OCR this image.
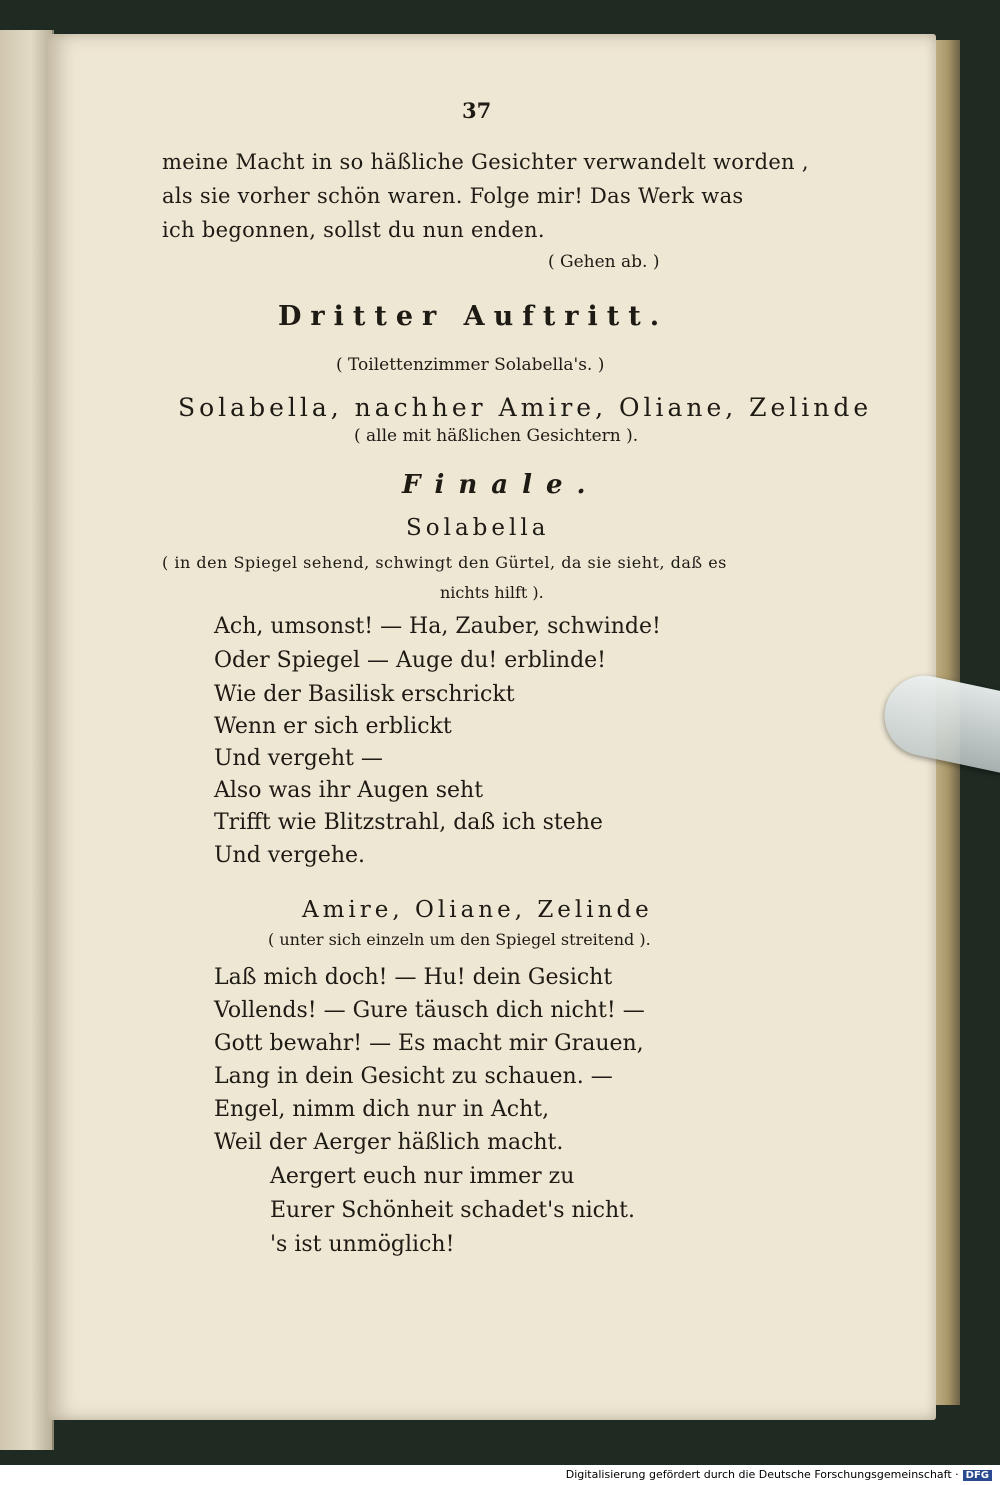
37
meine Macht in so häßliche Gesichter verwandelt worden ,
als sie vorher schön waren. Folge mir! Das Werk was
ich begonnen, sollst du nun enden.
( Gehen ab. )
Dritter Auftritt.
( Toilettenzimmer Solabella's. )
Solabella, nachher Amire, Oliane, Zelinde
( alle mit häßlichen Gesichtern ).
Finale.
Solabella
( in den Spiegel sehend, schwingt den Gürtel, da sie sieht, daß es
nichts hilft ).
Ach, umsonst! — Ha, Zauber, schwinde!
Oder Spiegel — Auge du! erblinde!
Wie der Basilisk erschrickt
Wenn er sich erblickt
Und vergeht —
Also was ihr Augen seht
Trifft wie Blitzstrahl, daß ich stehe
Und vergehe.
Amire, Oliane, Zelinde
( unter sich einzeln um den Spiegel streitend ).
Laß mich doch! — Hu! dein Gesicht
Vollends! — Gure täusch dich nicht! —
Gott bewahr! — Es macht mir Grauen,
Lang in dein Gesicht zu schauen. —
Engel, nimm dich nur in Acht,
Weil der Aerger häßlich macht.
Aergert euch nur immer zu
Eurer Schönheit schadet's nicht.
's ist unmöglich!
Digitalisierung gefördert durch die Deutsche Forschungsgemeinschaft · DFG
